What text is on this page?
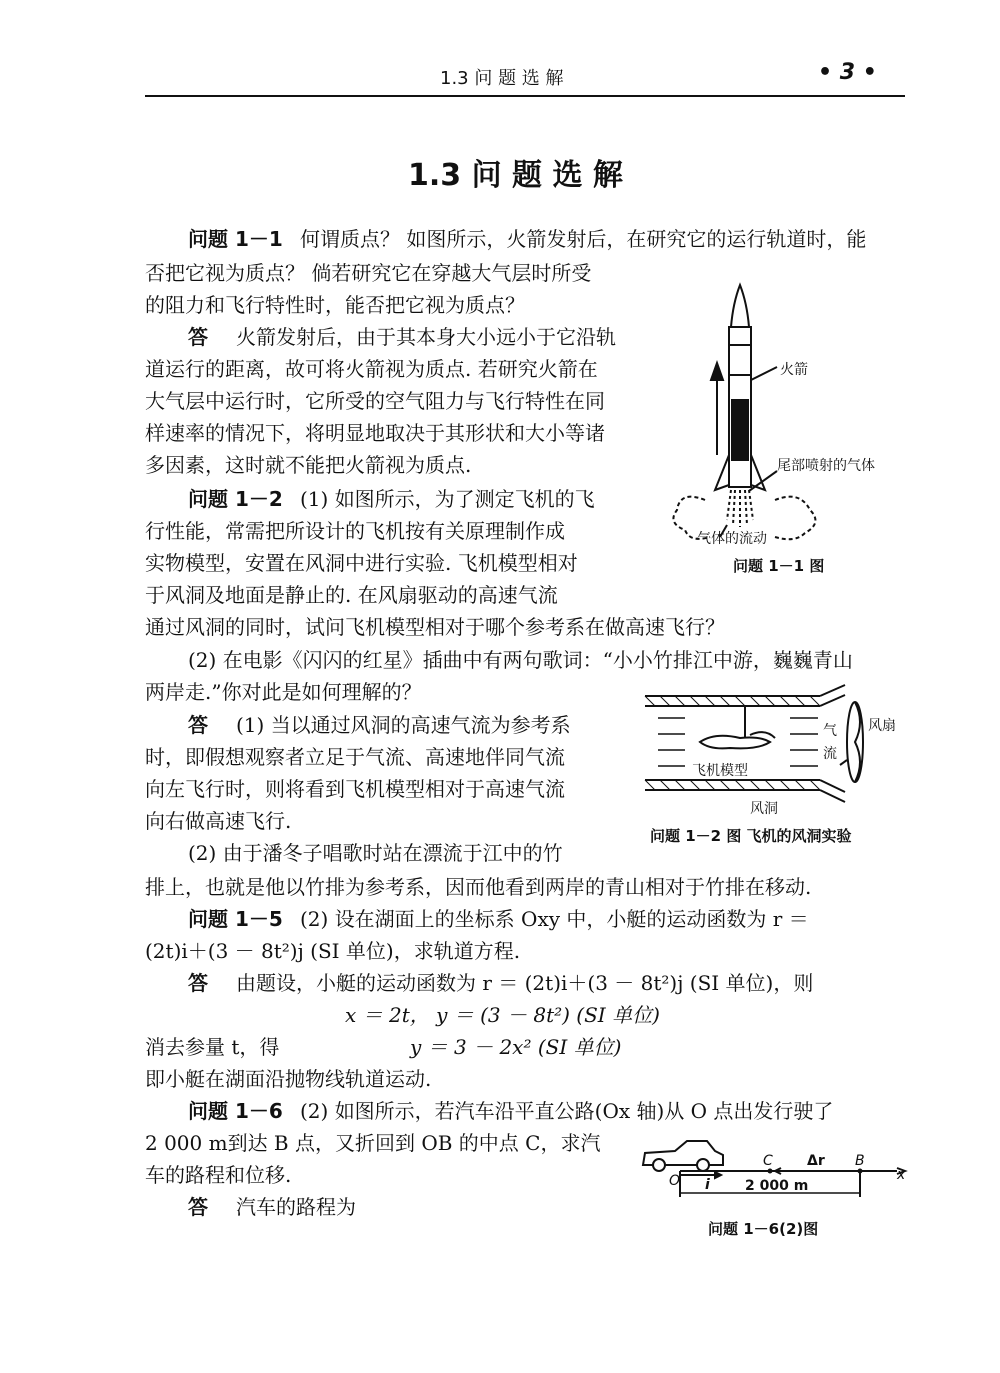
1.3 问 题 选 解	• 3 •
1.3 问 题 选 解
问题 1－1 何谓质点？ 如图所示，火箭发射后，在研究它的运行轨道时，能
否把它视为质点？ 倘若研究它在穿越大气层时所受
的阻力和飞行特性时，能否把它视为质点？
答 火箭发射后，由于其本身大小远小于它沿轨
道运行的距离，故可将火箭视为质点. 若研究火箭在
大气层中运行时，它所受的空气阻力与飞行特性在同
样速率的情况下，将明显地取决于其形状和大小等诸
多因素，这时就不能把火箭视为质点.
问题 1－2 (1) 如图所示，为了测定飞机的飞
行性能，常需把所设计的飞机按有关原理制作成
实物模型，安置在风洞中进行实验. 飞机模型相对
于风洞及地面是静止的. 在风扇驱动的高速气流
通过风洞的同时，试问飞机模型相对于哪个参考系在做高速飞行？
(2) 在电影《闪闪的红星》插曲中有两句歌词：“小小竹排江中游，巍巍青山
两岸走.”你对此是如何理解的？
答 (1) 当以通过风洞的高速气流为参考系
时，即假想观察者立足于气流、高速地伴同气流
向左飞行时，则将看到飞机模型相对于高速气流
向右做高速飞行.
(2) 由于潘冬子唱歌时站在漂流于江中的竹
排上，也就是他以竹排为参考系，因而他看到两岸的青山相对于竹排在移动.
问题 1－5 (2) 设在湖面上的坐标系 Oxy 中，小艇的运动函数为 r ＝
(2t)i＋(3 － 8t²)j (SI 单位)，求轨道方程.
答 由题设，小艇的运动函数为 r ＝ (2t)i＋(3 － 8t²)j (SI 单位)，则
x ＝ 2t， y ＝ (3 － 8t²) (SI 单位)
消去参量 t，得	y ＝ 3 － 2x² (SI 单位)
即小艇在湖面沿抛物线轨道运动.
问题 1－6 (2) 如图所示，若汽车沿平直公路(Ox 轴)从 O 点出发行驶了
2 000 m到达 B 点，又折回到 OB 的中点 C，求汽
车的路程和位移.
答 汽车的路程为
火箭
尾部喷射的气体
气体的流动
问题 1－1 图
气
流
风扇
飞机模型
风洞
问题 1－2 图 飞机的风洞实验
O i
C Δr B
x
2 000 m
问题 1－6(2)图
